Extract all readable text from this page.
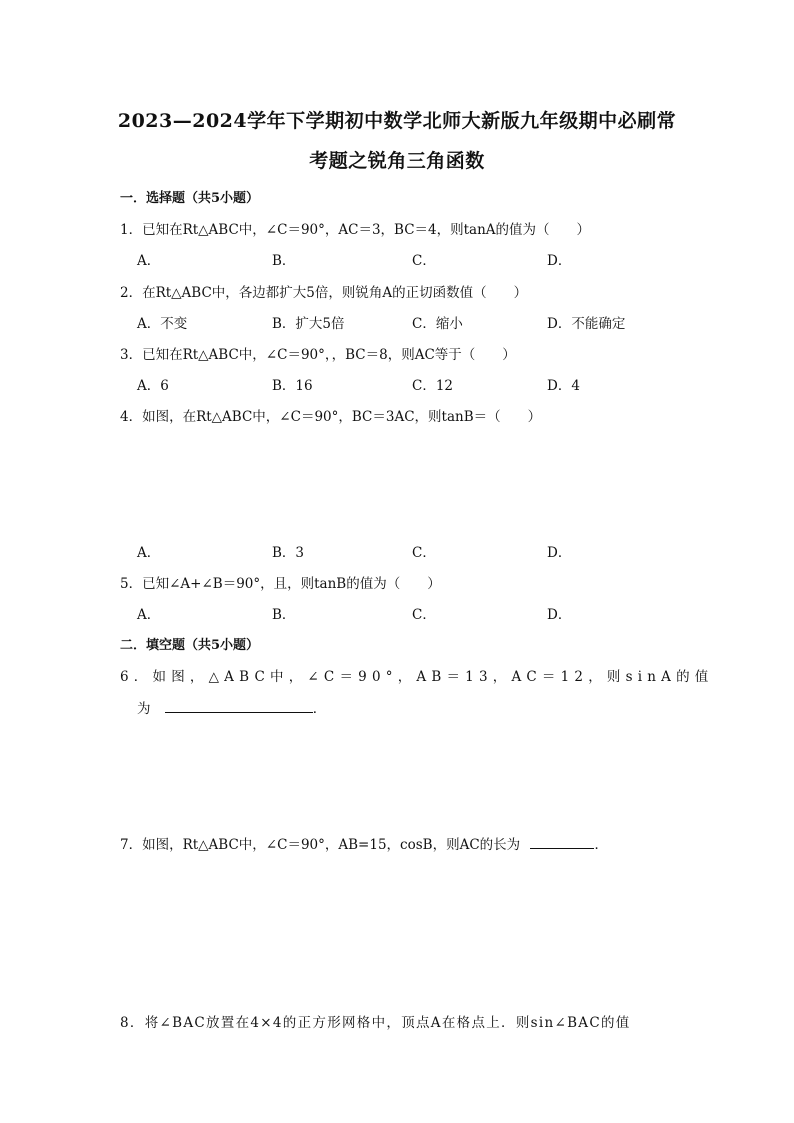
2023—2024学年下学期初中数学北师大新版九年级期中必刷常
考题之锐角三角函数
一．选择题（共5小题）
1．已知在Rt△ABC中，∠C＝90°，AC＝3，BC＝4，则tanA的值为（　　）
A．	B．	C．	D．
2．在Rt△ABC中，各边都扩大5倍，则锐角A的正切函数值（　　）
A．不变	B．扩大5倍	C．缩小	D．不能确定
3．已知在Rt△ABC中，∠C＝90°，，BC＝8，则AC等于（　　）
A．6	B．16	C．12	D．4
4．如图，在Rt△ABC中，∠C＝90°，BC＝3AC，则tanB＝（　　）
A
C	B
A．	B．3	C．	D．
5．已知∠A+∠B＝90°，且，则tanB的值为（　　）
A．	B．	C．	D．
二．填空题（共5小题）
6．如图，△ABC中，∠C＝90°，AB＝13，AC＝12，则sinA的值
为	．
B
A
C
7．如图，Rt△ABC中，∠C＝90°，AB=15，cosB，则AC的长为	．
A
B	C
8．将∠BAC放置在4×4的正方形网格中，顶点A在格点上．则sin∠BAC的值
